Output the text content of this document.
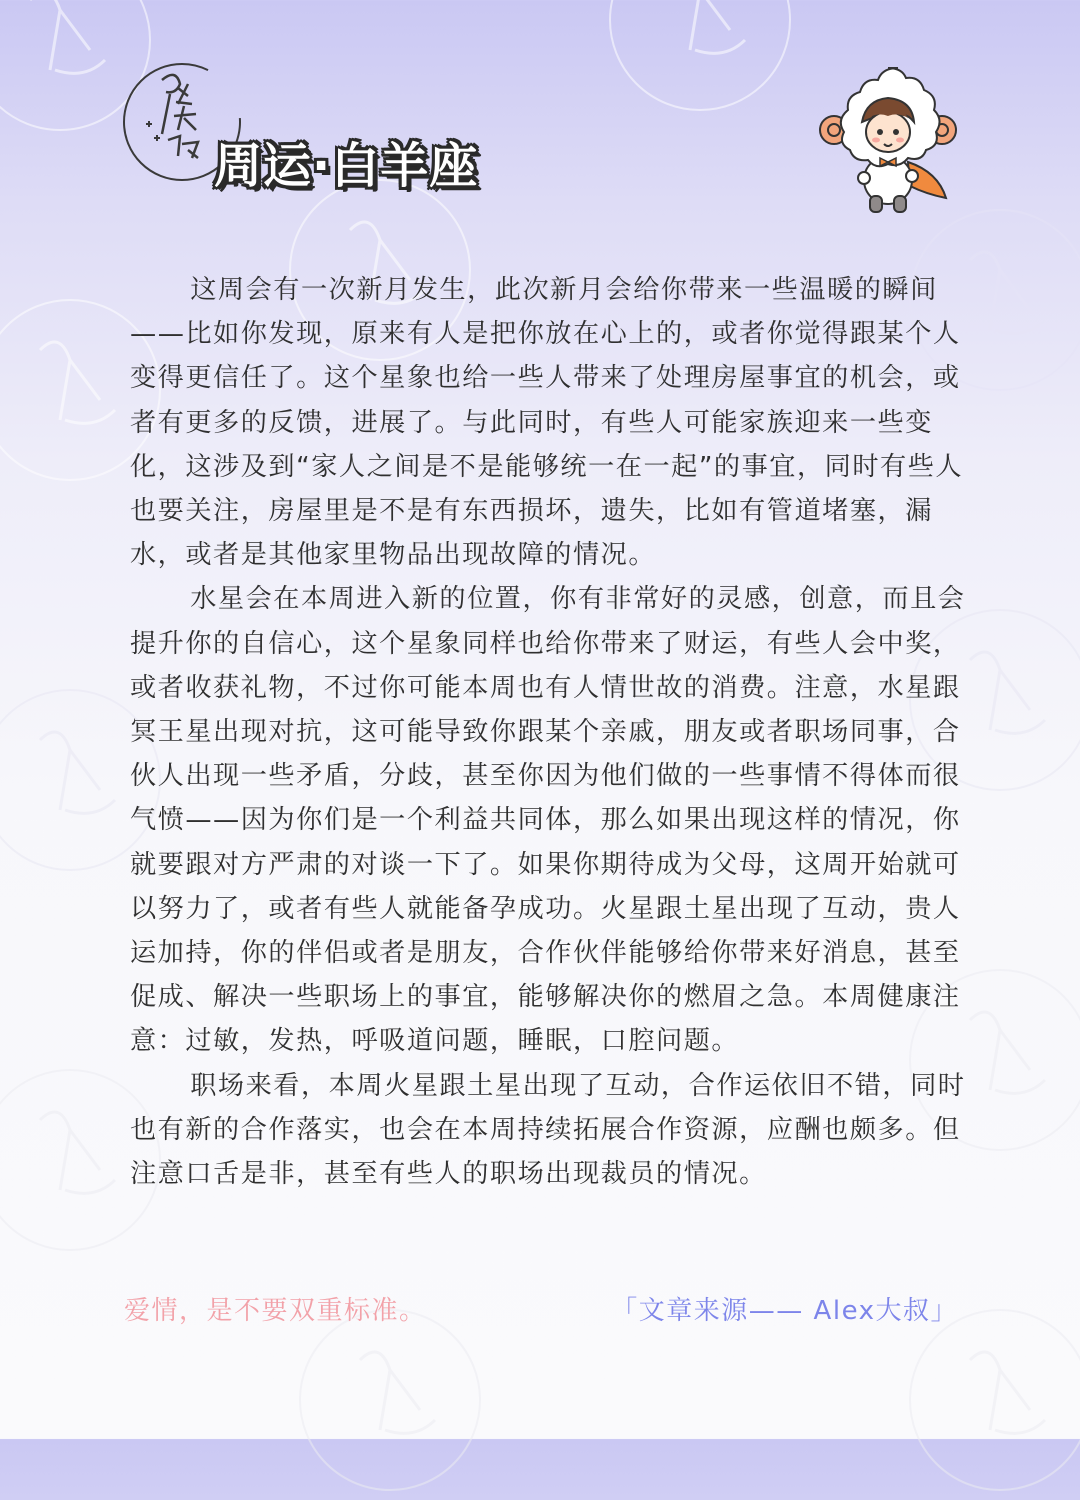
周运·白羊座

这周会有一次新月发生，此次新月会给你带来一些温暖的瞬间——比如你发现，原来有人是把你放在心上的，或者你觉得跟某个人变得更信任了。这个星象也给一些人带来了处理房屋事宜的机会，或者有更多的反馈，进展了。与此同时，有些人可能家族迎来一些变化，这涉及到“家人之间是不是能够统一在一起”的事宜，同时有些人也要关注，房屋里是不是有东西损坏，遗失，比如有管道堵塞，漏水，或者是其他家里物品出现故障的情况。

水星会在本周进入新的位置，你有非常好的灵感，创意，而且会提升你的自信心，这个星象同样也给你带来了财运，有些人会中奖，或者收获礼物，不过你可能本周也有人情世故的消费。注意，水星跟冥王星出现对抗，这可能导致你跟某个亲戚，朋友或者职场同事，合伙人出现一些矛盾，分歧，甚至你因为他们做的一些事情不得体而很气愤——因为你们是一个利益共同体，那么如果出现这样的情况，你就要跟对方严肃的对谈一下了。如果你期待成为父母，这周开始就可以努力了，或者有些人就能备孕成功。火星跟土星出现了互动，贵人运加持，你的伴侣或者是朋友，合作伙伴能够给你带来好消息，甚至促成、解决一些职场上的事宜，能够解决你的燃眉之急。本周健康注意：过敏，发热，呼吸道问题，睡眠，口腔问题。

职场来看，本周火星跟土星出现了互动，合作运依旧不错，同时也有新的合作落实，也会在本周持续拓展合作资源，应酬也颇多。但注意口舌是非，甚至有些人的职场出现裁员的情况。

爱情，是不要双重标准。	「文章来源—— Alex大叔」
